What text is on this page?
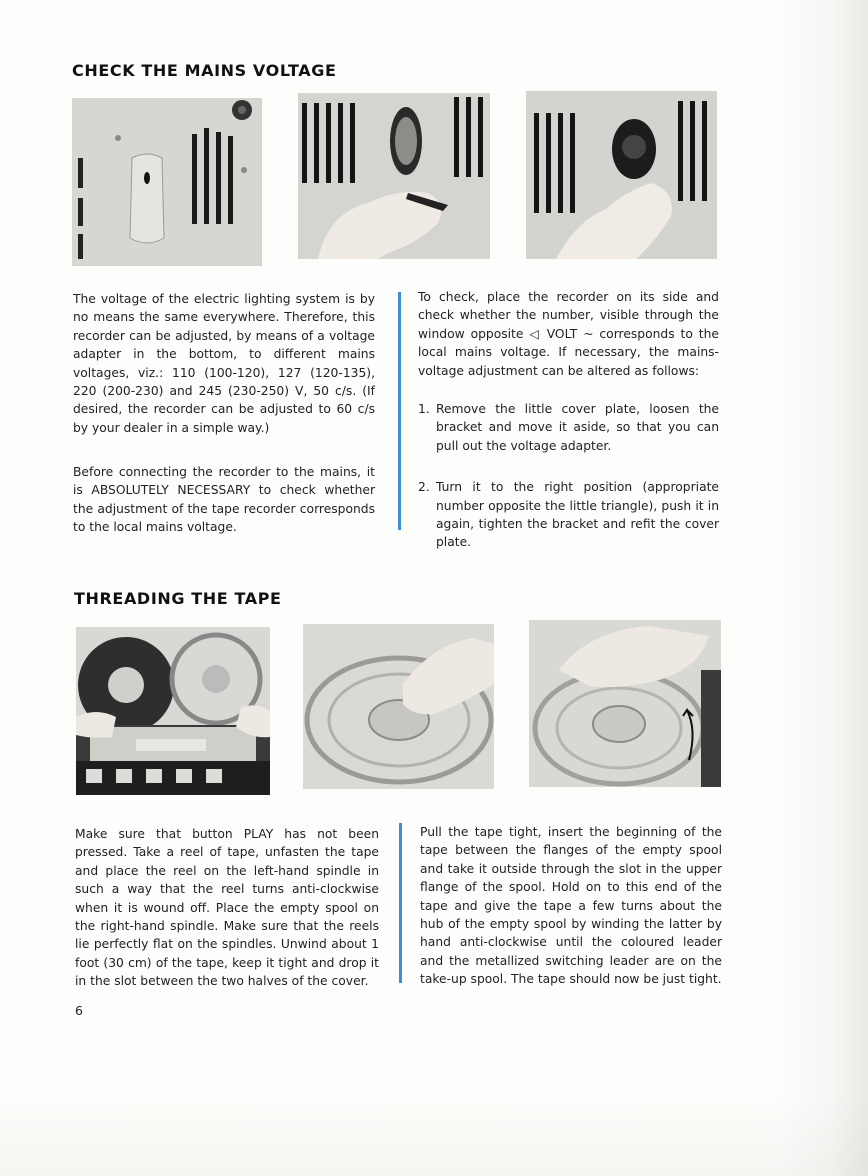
CHECK THE MAINS VOLTAGE

The voltage of the electric lighting system is by no means the same everywhere. Therefore, this recorder can be adjusted, by means of a voltage adapter in the bottom, to different mains voltages, viz.: 110 (100-120), 127 (120-135), 220 (200-230) and 245 (230-250) V, 50 c/s. (If desired, the recorder can be adjusted to 60 c/s by your dealer in a simple way.)

Before connecting the recorder to the mains, it is ABSOLUTELY NECESSARY to check whether the adjustment of the tape recorder corresponds to the local mains voltage.

To check, place the recorder on its side and check whether the number, visible through the window opposite ◁ VOLT ~ corresponds to the local mains voltage. If necessary, the mains-voltage adjustment can be altered as follows:

1. Remove the little cover plate, loosen the bracket and move it aside, so that you can pull out the voltage adapter.
2. Turn it to the right position (appropriate number opposite the little triangle), push it in again, tighten the bracket and refit the cover plate.
THREADING THE TAPE

Make sure that button PLAY has not been pressed. Take a reel of tape, unfasten the tape and place the reel on the left-hand spindle in such a way that the reel turns anti-clockwise when it is wound off. Place the empty spool on the right-hand spindle. Make sure that the reels lie perfectly flat on the spindles. Unwind about 1 foot (30 cm) of the tape, keep it tight and drop it in the slot between the two halves of the cover.

Pull the tape tight, insert the beginning of the tape between the flanges of the empty spool and take it outside through the slot in the upper flange of the spool. Hold on to this end of the tape and give the tape a few turns about the hub of the empty spool by winding the latter by hand anti-clockwise until the coloured leader and the metallized switching leader are on the take-up spool. The tape should now be just tight.

6
